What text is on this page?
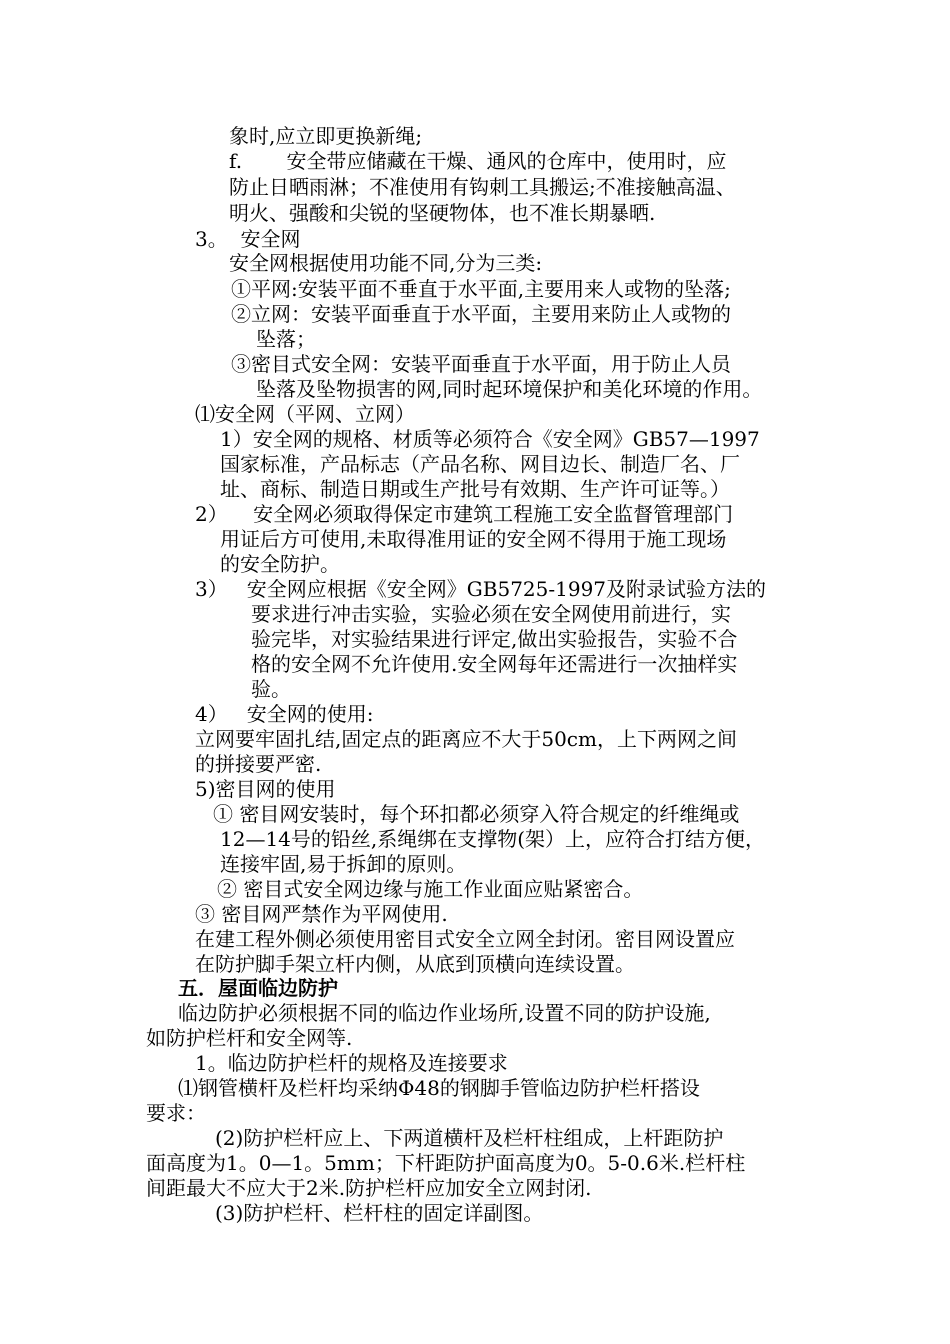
象时,应立即更换新绳;
f.       安全带应储藏在干燥、通风的仓库中，使用时，应
防止日晒雨淋；不准使用有钩刺工具搬运;不准接触高温、
明火、强酸和尖锐的坚硬物体，也不准长期暴晒.
3。  安全网
安全网根据使用功能不同,分为三类:
①平网:安装平面不垂直于水平面,主要用来人或物的坠落;
②立网：安装平面垂直于水平面，主要用来防止人或物的
坠落；
③密目式安全网：安装平面垂直于水平面，用于防止人员
坠落及坠物损害的网,同时起环境保护和美化环境的作用。
⑴安全网（平网、立网）
1）安全网的规格、材质等必须符合《安全网》GB57—1997
国家标准，产品标志（产品名称、网目边长、制造厂名、厂
址、商标、制造日期或生产批号有效期、生产许可证等。）
2）    安全网必须取得保定市建筑工程施工安全监督管理部门
用证后方可使用,未取得准用证的安全网不得用于施工现场
的安全防护。
3）   安全网应根据《安全网》GB5725-1997及附录试验方法的
要求进行冲击实验，实验必须在安全网使用前进行，实
验完毕，对实验结果进行评定,做出实验报告，实验不合
格的安全网不允许使用.安全网每年还需进行一次抽样实
验。
4）   安全网的使用:
立网要牢固扎结,固定点的距离应不大于50cm，上下两网之间
的拼接要严密.
5)密目网的使用
① 密目网安装时，每个环扣都必须穿入符合规定的纤维绳或
12—14号的铅丝,系绳绑在支撑物(架）上，应符合打结方便，
连接牢固,易于拆卸的原则。
② 密目式安全网边缘与施工作业面应贴紧密合。
③ 密目网严禁作为平网使用.
在建工程外侧必须使用密目式安全立网全封闭。密目网设置应
在防护脚手架立杆内侧，从底到顶横向连续设置。
五．屋面临边防护
临边防护必须根据不同的临边作业场所,设置不同的防护设施,
如防护栏杆和安全网等.
1。临边防护栏杆的规格及连接要求
⑴钢管横杆及栏杆均采纳Φ48的钢脚手管临边防护栏杆搭设
要求：
(2)防护栏杆应上、下两道横杆及栏杆柱组成，上杆距防护
面高度为1。0—1。5mm；下杆距防护面高度为0。5-0.6米.栏杆柱
间距最大不应大于2米.防护栏杆应加安全立网封闭.
(3)防护栏杆、栏杆柱的固定详副图。
